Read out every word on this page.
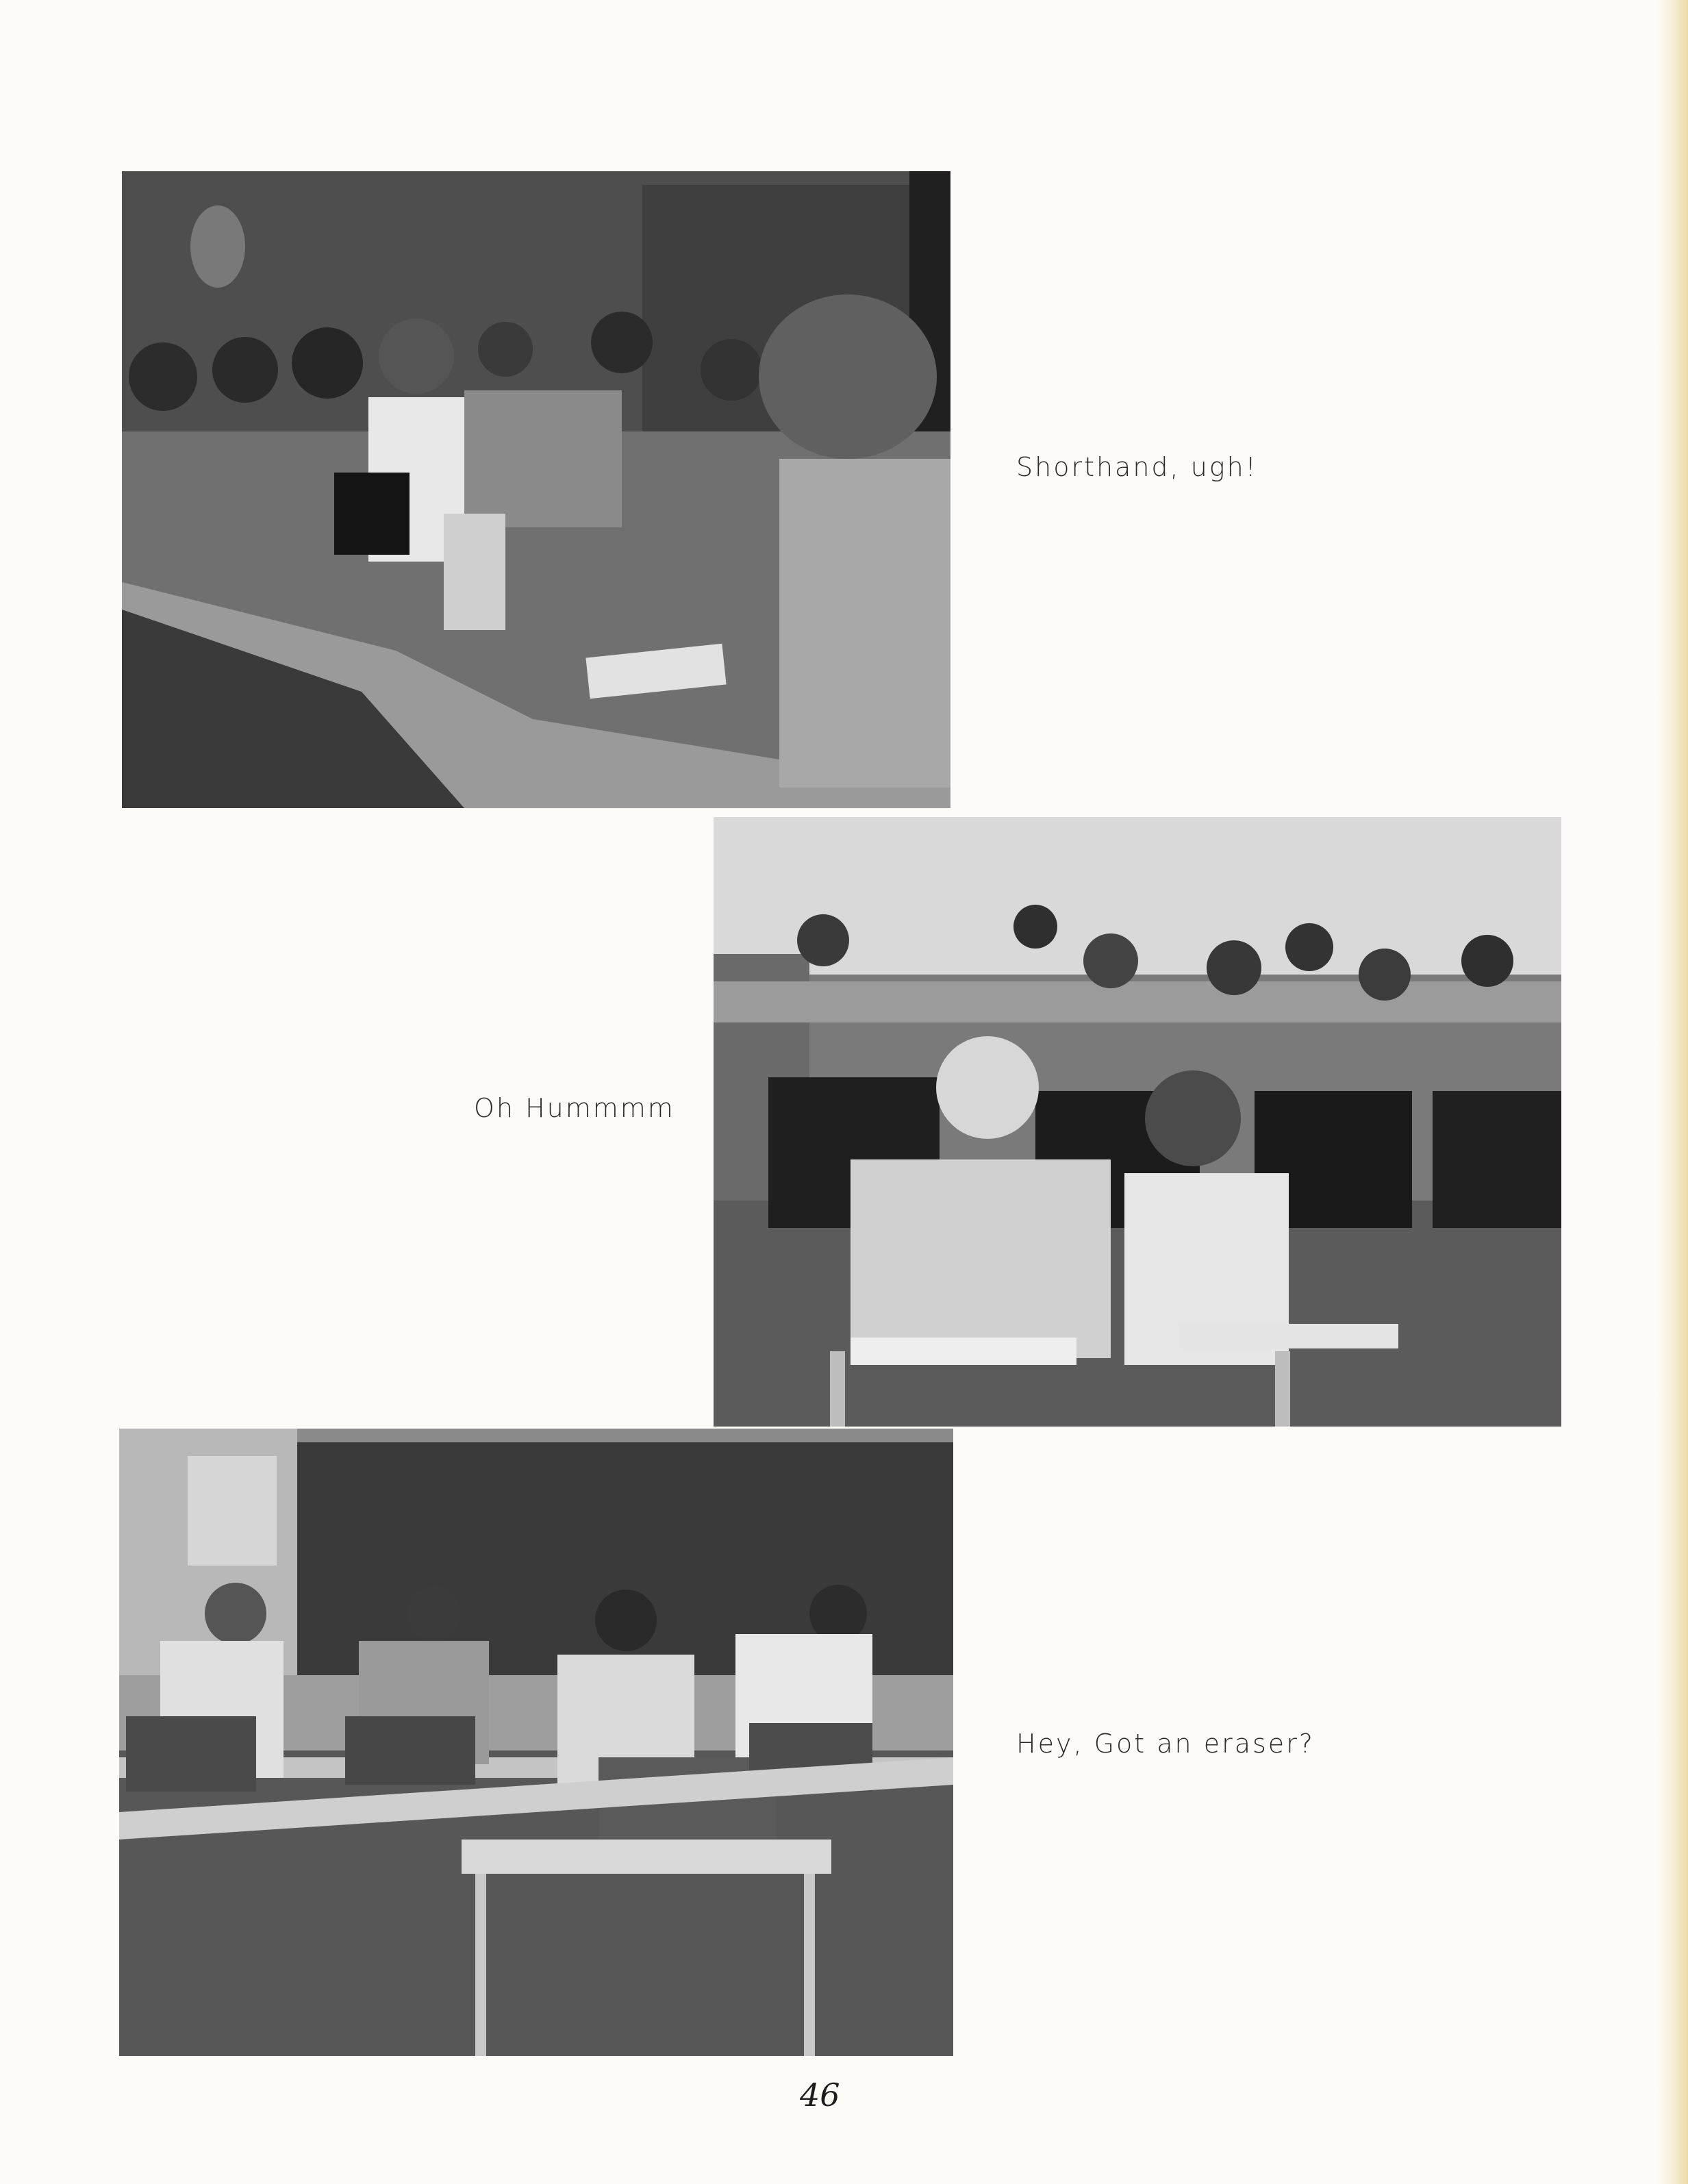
Shorthand, ugh!
Oh Hummmm
Hey, Got an eraser?
46
